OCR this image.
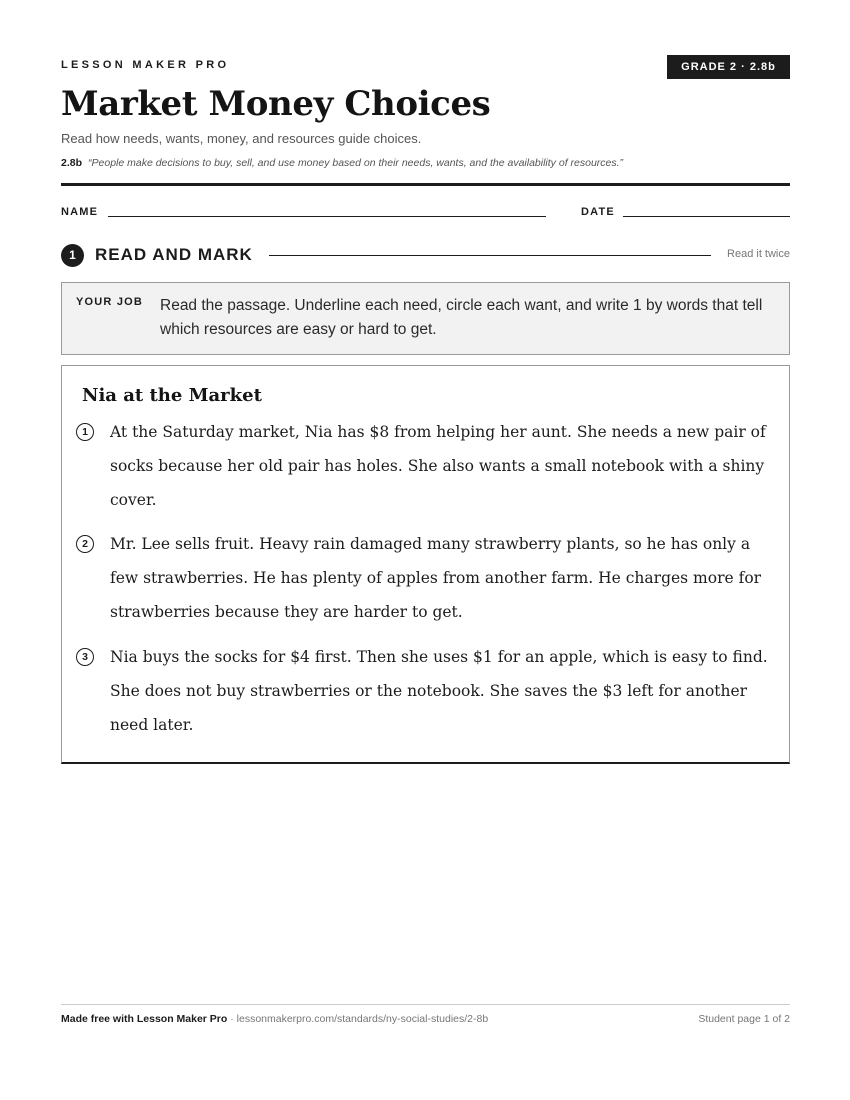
LESSON MAKER PRO	GRADE 2 · 2.8b
Market Money Choices
Read how needs, wants, money, and resources guide choices.
2.8b “People make decisions to buy, sell, and use money based on their needs, wants, and the availability of resources.”
NAME	DATE
1	READ AND MARK	Read it twice
YOUR JOB Read the passage. Underline each need, circle each want, and write 1 by words that tell which resources are easy or hard to get.
Nia at the Market
1	At the Saturday market, Nia has $8 from helping her aunt. She needs a new pair of socks because her old pair has holes. She also wants a small notebook with a shiny cover.
2	Mr. Lee sells fruit. Heavy rain damaged many strawberry plants, so he has only a few strawberries. He has plenty of apples from another farm. He charges more for strawberries because they are harder to get.
3	Nia buys the socks for $4 first. Then she uses $1 for an apple, which is easy to find. She does not buy strawberries or the notebook. She saves the $3 left for another need later.
Made free with Lesson Maker Pro · lessonmakerpro.com/standards/ny-social-studies/2-8b	Student page 1 of 2
